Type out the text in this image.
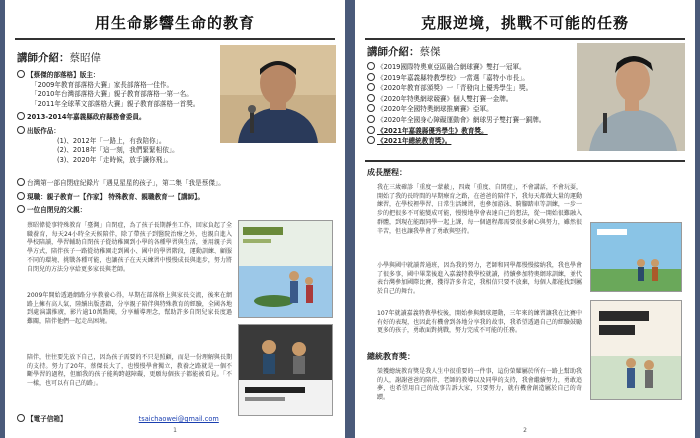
用生命影響生命的教育
講師介紹：蔡昭偉
【蔡傑的部落格】版主：
「2009年教育部落格大賽」家長部落格一佳作。
「2010年台灣部落格大賽」親子教育部落格一第一名。
「2011年全球華文部落格大賽」親子教育部落格一首獎。
2013-2014年嘉義縣政府縣務會委員。
出版作品：
(1)、2012年「一路上，有我陪你」。
(2)、2018年「這一刻，我們緊緊相依」。
(3)、2020年「走時候，放手讓你飛」。
台灣第一部自閉症紀錄片「遇見星星的孩子」，第二集「我是蔡傑」。
現職：親子教育一【作家】 特殊教育、親職教育一【講師】。
一位自閉兒的父親：
蔡昭偉從事特殊教育「臺灣」自閉症，為了孩子長期靜坐工作，回家負起了全職養育，每天24小時全天候陪伴，除了帶孩子到醫院治療之外，也親自進入學校陪讀，學習輔助自閉孩子從幼稚園到小學的各種學習與生活，並用親子共學方式，陪伴孩子一路從幼稚園走到國小、國中的學習階段，運動訓練、顧服不同的環境、挑戰各種可能，也讓孩子在天天練習中慢慢成長與進步，努力將自閉兒的方法分享給更多家長與老師。
2009年開始透過網路分享教養心得，早期在部落格上與家長交流，後來在網路上擁有高人氣，陸續出版書籍，分享親子陪伴與特殊教育的經驗，全國各地到處演講推廣，影片逾10萬點閱，分享輔導理念，幫助許多自閉兒家長度過難關，陪伴他們一起走出困境。
陪伴，往往要先放下自己，因為孩子需要的不只是照顧，而是一份理解與長期的支持。努力了20年，蔡傑長大了，也慢慢學會獨立，教養之路就是一個不斷學習的過程，但願我的孩子能夠跨越障礙，更願每個孩子都能被看見。「不一樣，也可以有自己的路」。
【電子信箱】	tsaichaowei@gmail.com
1
克服逆境，挑戰不可能的任務
講師介紹：蔡傑
《2019國際特奧東亞區融合網球賽》雙打一冠軍。
《2019年嘉義縣特教學校》一當選「嘉特小市長」。
《2020年教育部頒獎》一「青發向上優秀學生」獎。
《2020年特奧網球競賽》個人雙打賽一金牌。
《2020年全國特奧網球推廣賽》亞軍。
《2020年全國身心障礙運動會》網球男子雙打賽一銅牌。
《2021年嘉義縣優秀學生》教育獎。
《2021年總統教育獎》。
成長歷程：
我在三歲確診「重度一蒙蔽」，四歲「重度、自閉症」，不會講話，不會玩耍，開始了我的長時間的早期療育之路，在爸爸的陪伴下，我每天都做大量的運動練習，在學校裡學習、日常生活練習，也參加游泳、騎腳踏車等訓練，一步一步的把很多不可能變成可能，慢慢地學會表達自己的想法，從一開始很難融入群體，到現在能跟同學一起上課，每一個過程都需要很多耐心與努力，雖然很辛苦，但也讓我學會了勇敢與堅持。
小學與國中就讀普通班，因為我的努力，老師和同學都慢慢接納我，我也學會了很多事，國中畢業後進入嘉義特教學校就讀，持續參加特奧網球訓練，並代表台灣參加國際比賽，獲得許多肯定，我相信只要不放棄，每個人都能找到屬於自己的舞台。
107年就讀嘉義特教學校後，開始參與網球運動，三年來的練習讓我在比賽中有好的表現，也因此有機會到各地分享我的故事，我希望透過自己的經驗鼓勵更多的孩子，勇敢面對挑戰，努力完成不可能的任務。
總統教育獎：
榮獲總統教育獎是我人生中很重要的一件事，這份榮耀屬於所有一路上幫助我的人，謝謝爸爸的陪伴、老師的教導以及同學的支持，我會繼續努力，勇敢追夢，也希望用自己的故事告訴大家，只要努力，就有機會創造屬於自己的奇蹟。
2
